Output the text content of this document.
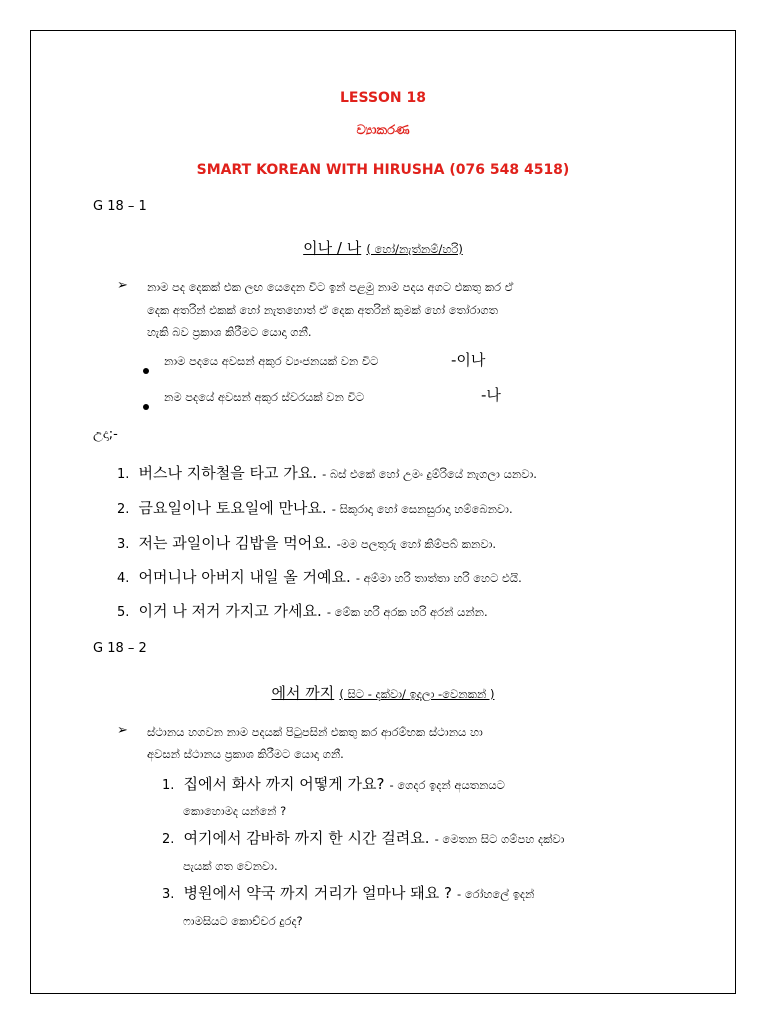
LESSON 18
ව්‍යාකරණ
SMART KOREAN WITH HIRUSHA (076 548 4518)
G 18 – 1
이나 / 나 ( හෝ/නැත්නම්/හරි)
➢ නාම පද දෙකක් එක ලඟ යෙදෙන විට ඉන් පළමු නාම පදය අගට එකතු කර ඒ
දෙක අතරින් එකක් හෝ නැතහොත් ඒ දෙක අතරින් කුමක් හෝ තෝරාගත
හැකි බව ප්‍රකාශ කිරීමට යොදා ගනී.
නාම පදයෙ අවසන් අකුර ව්‍යංජනයක් වන විට	-이나
නම පදයේ අවසන් අකුර ස්වරයක් වන විට	-나
උදා;-
1. 버스나 지하철을 타고 가요. - බස් එකේ හෝ උමං දුම්රියේ නැගලා යනවා.
2. 금요일이나 토요일에 만나요. - සිකුරාදා හෝ සෙනසුරාදා හම්බෙනවා.
3. 저는 과일이나 김밥을 먹어요. -මම පලතුරු හෝ කිම්පබ් කනවා.
4. 어머니나 아버지 내일 올 거예요. - අම්මා හරි තාත්තා හරි හෙට එයි.
5. 이거 나 저거 가지고 가세요. - මේක හරි අරක හරි අරන් යන්න.
G 18 – 2
에서 까지 ( සිට - දක්වා/ ඉදලා -වෙනකන් )
➢ ස්ථානය හගවන නාම පදයක් පිටුපසින් එකතු කර ආරම්භක ස්ථානය හා
අවසන් ස්ථානය ප්‍රකාශ කිරීමට යොදා ගනී.
1. 집에서 화사 까지 어떻게 가요? - ගෙදර ඉදන් අයතනයට
කොහොමද යන්නේ ?
2. 여기에서 감바하 까지 한 시간 걸려요. - මෙතන සිට ගම්පහ දක්වා
පැයක් ගත වෙනවා.
3. 병원에서 약국 까지 거리가 얼마나 돼요 ? - රෝහලේ ඉදන්
ෆාමසියට කොච්චර දුරද?
